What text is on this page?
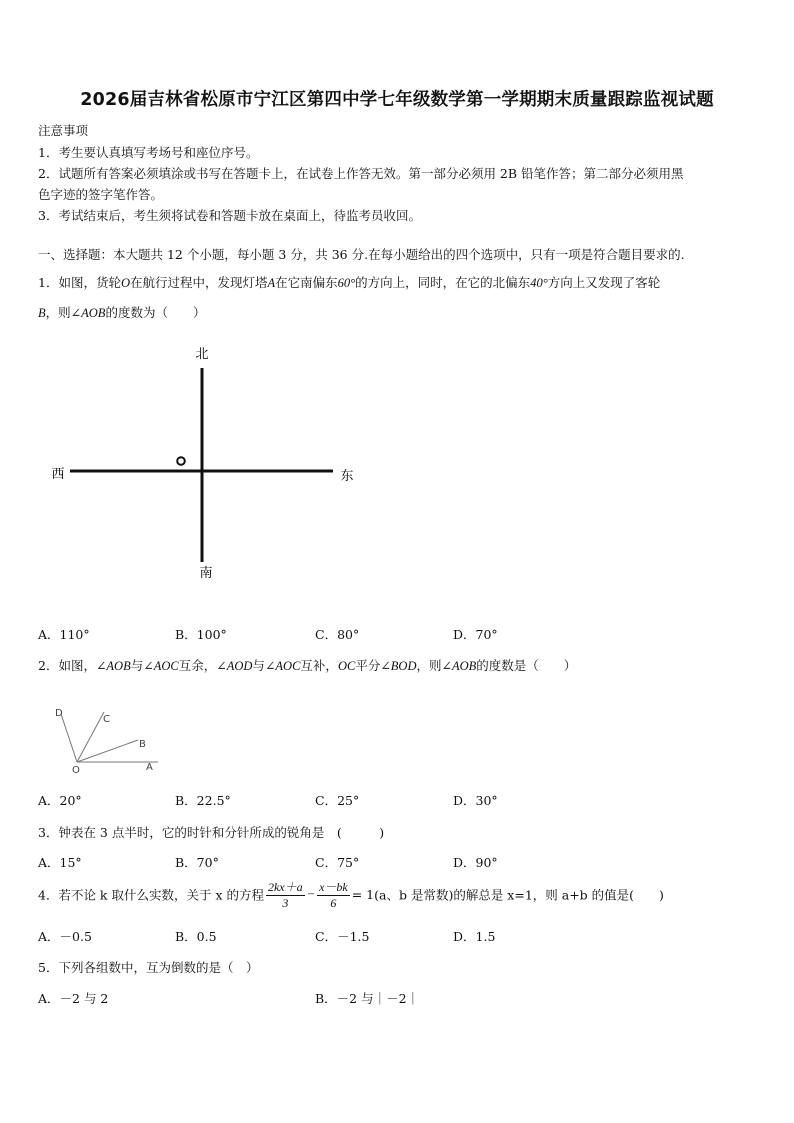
2026届吉林省松原市宁江区第四中学七年级数学第一学期期末质量跟踪监视试题
注意事项
1．考生要认真填写考场号和座位序号。
2．试题所有答案必须填涂或书写在答题卡上，在试卷上作答无效。第一部分必须用 2B 铅笔作答；第二部分必须用黑
色字迹的签字笔作答。
3．考试结束后，考生须将试卷和答题卡放在桌面上，待监考员收回。
一、选择题：本大题共 12 个小题，每小题 3 分，共 36 分.在每小题给出的四个选项中，只有一项是符合题目要求的.
1．如图，货轮O在航行过程中，发现灯塔A在它南偏东60°的方向上，同时，在它的北偏东40°方向上又发现了客轮
B，则∠AOB的度数为（　　）
北
南
西	东
A．110°	B．100°	C．80°	D．70°
2．如图，∠AOB与∠AOC互余，∠AOD与∠AOC互补，OC平分∠BOD，则∠AOB的度数是（　　）
D
C
B
A
O
A．20°	B．22.5°	C．25°	D．30°
3．钟表在 3 点半时，它的时针和分针所成的锐角是　(　　　)
A．15°	B．70°	C．75°	D．90°
4．若不论 k 取什么实数，关于 x 的方程 $\frac{2kx+a}{3} - \frac{x-bk}{6} = 1(a$、b 是常数)的解总是 x=1，则 a+b 的值是(　　)
A．－0.5	B．0.5	C．－1.5	D．1.5
5．下列各组数中，互为倒数的是（　）
A．－2 与 2	B．－2 与｜－2｜
